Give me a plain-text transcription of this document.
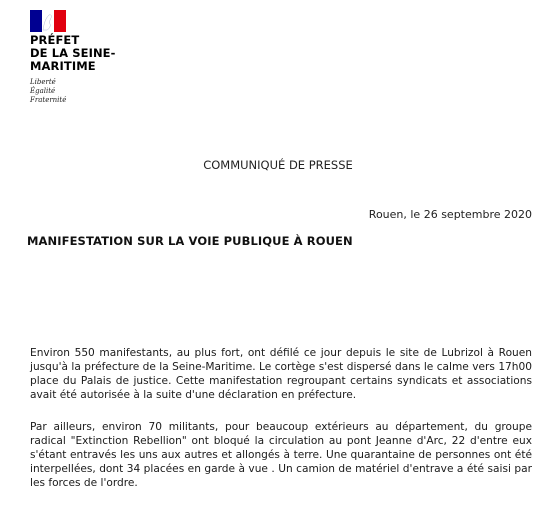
PRÉFET
DE LA SEINE-
MARITIME
Liberté
Égalité
Fraternité

COMMUNIQUÉ DE PRESSE

Rouen, le 26 septembre 2020
MANIFESTATION SUR LA VOIE PUBLIQUE À ROUEN

Environ 550 manifestants, au plus fort, ont défilé ce jour depuis le site de Lubrizol à Rouen jusqu'à la préfecture de la Seine-Maritime. Le cortège s'est dispersé dans le calme vers 17h00 place du Palais de justice. Cette manifestation regroupant certains syndicats et associations avait été autorisée à la suite d'une déclaration en préfecture.

Par ailleurs, environ 70 militants, pour beaucoup extérieurs au département, du groupe radical "Extinction Rebellion" ont bloqué la circulation au pont Jeanne d'Arc, 22 d'entre eux s'étant entravés les uns aux autres et allongés à terre. Une quarantaine de personnes ont été interpellées, dont 34 placées en garde à vue . Un camion de matériel d'entrave a été saisi par les forces de l'ordre.
